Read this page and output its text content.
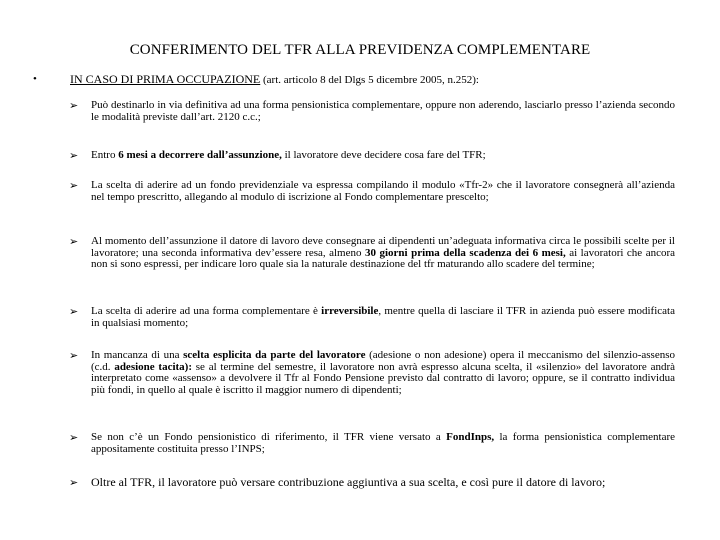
CONFERIMENTO DEL TFR ALLA PREVIDENZA COMPLEMENTARE
•	IN CASO DI PRIMA OCCUPAZIONE (art. articolo 8 del Dlgs 5 dicembre 2005, n.252):
➢ Può destinarlo in via definitiva ad una forma pensionistica complementare, oppure non aderendo, lasciarlo presso l’azienda secondo le modalità previste dall’art. 2120 c.c.;
➢ Entro 6 mesi a decorrere dall’assunzione, il lavoratore deve decidere cosa fare del TFR;
➢ La scelta di aderire ad un fondo previdenziale va espressa compilando il modulo «Tfr-2» che il lavoratore consegnerà all’azienda nel tempo prescritto, allegando al modulo di iscrizione al Fondo complementare prescelto;
➢ Al momento dell’assunzione il datore di lavoro deve consegnare ai dipendenti un’adeguata informativa circa le possibili scelte per il lavoratore; una seconda informativa dev’essere resa, almeno 30 giorni prima della scadenza dei 6 mesi, ai lavoratori che ancora non si sono espressi, per indicare loro quale sia la naturale destinazione del tfr maturando allo scadere del termine;
➢ La scelta di aderire ad una forma complementare è irreversibile, mentre quella di lasciare il TFR in azienda può essere modificata in qualsiasi momento;
➢ In mancanza di una scelta esplicita da parte del lavoratore (adesione o non adesione) opera il meccanismo del silenzio-assenso (c.d. adesione tacita): se al termine del semestre, il lavoratore non avrà espresso alcuna scelta, il «silenzio» del lavoratore andrà interpretato come «assenso» a devolvere il Tfr al Fondo Pensione previsto dal contratto di lavoro; oppure, se il contratto individua più fondi, in quello al quale è iscritto il maggior numero di dipendenti;
➢ Se non c’è un Fondo pensionistico di riferimento, il TFR viene versato a FondInps, la forma pensionistica complementare appositamente costituita presso l’INPS;
➢ Oltre al TFR, il lavoratore può versare contribuzione aggiuntiva a sua scelta, e così pure il datore di lavoro;
